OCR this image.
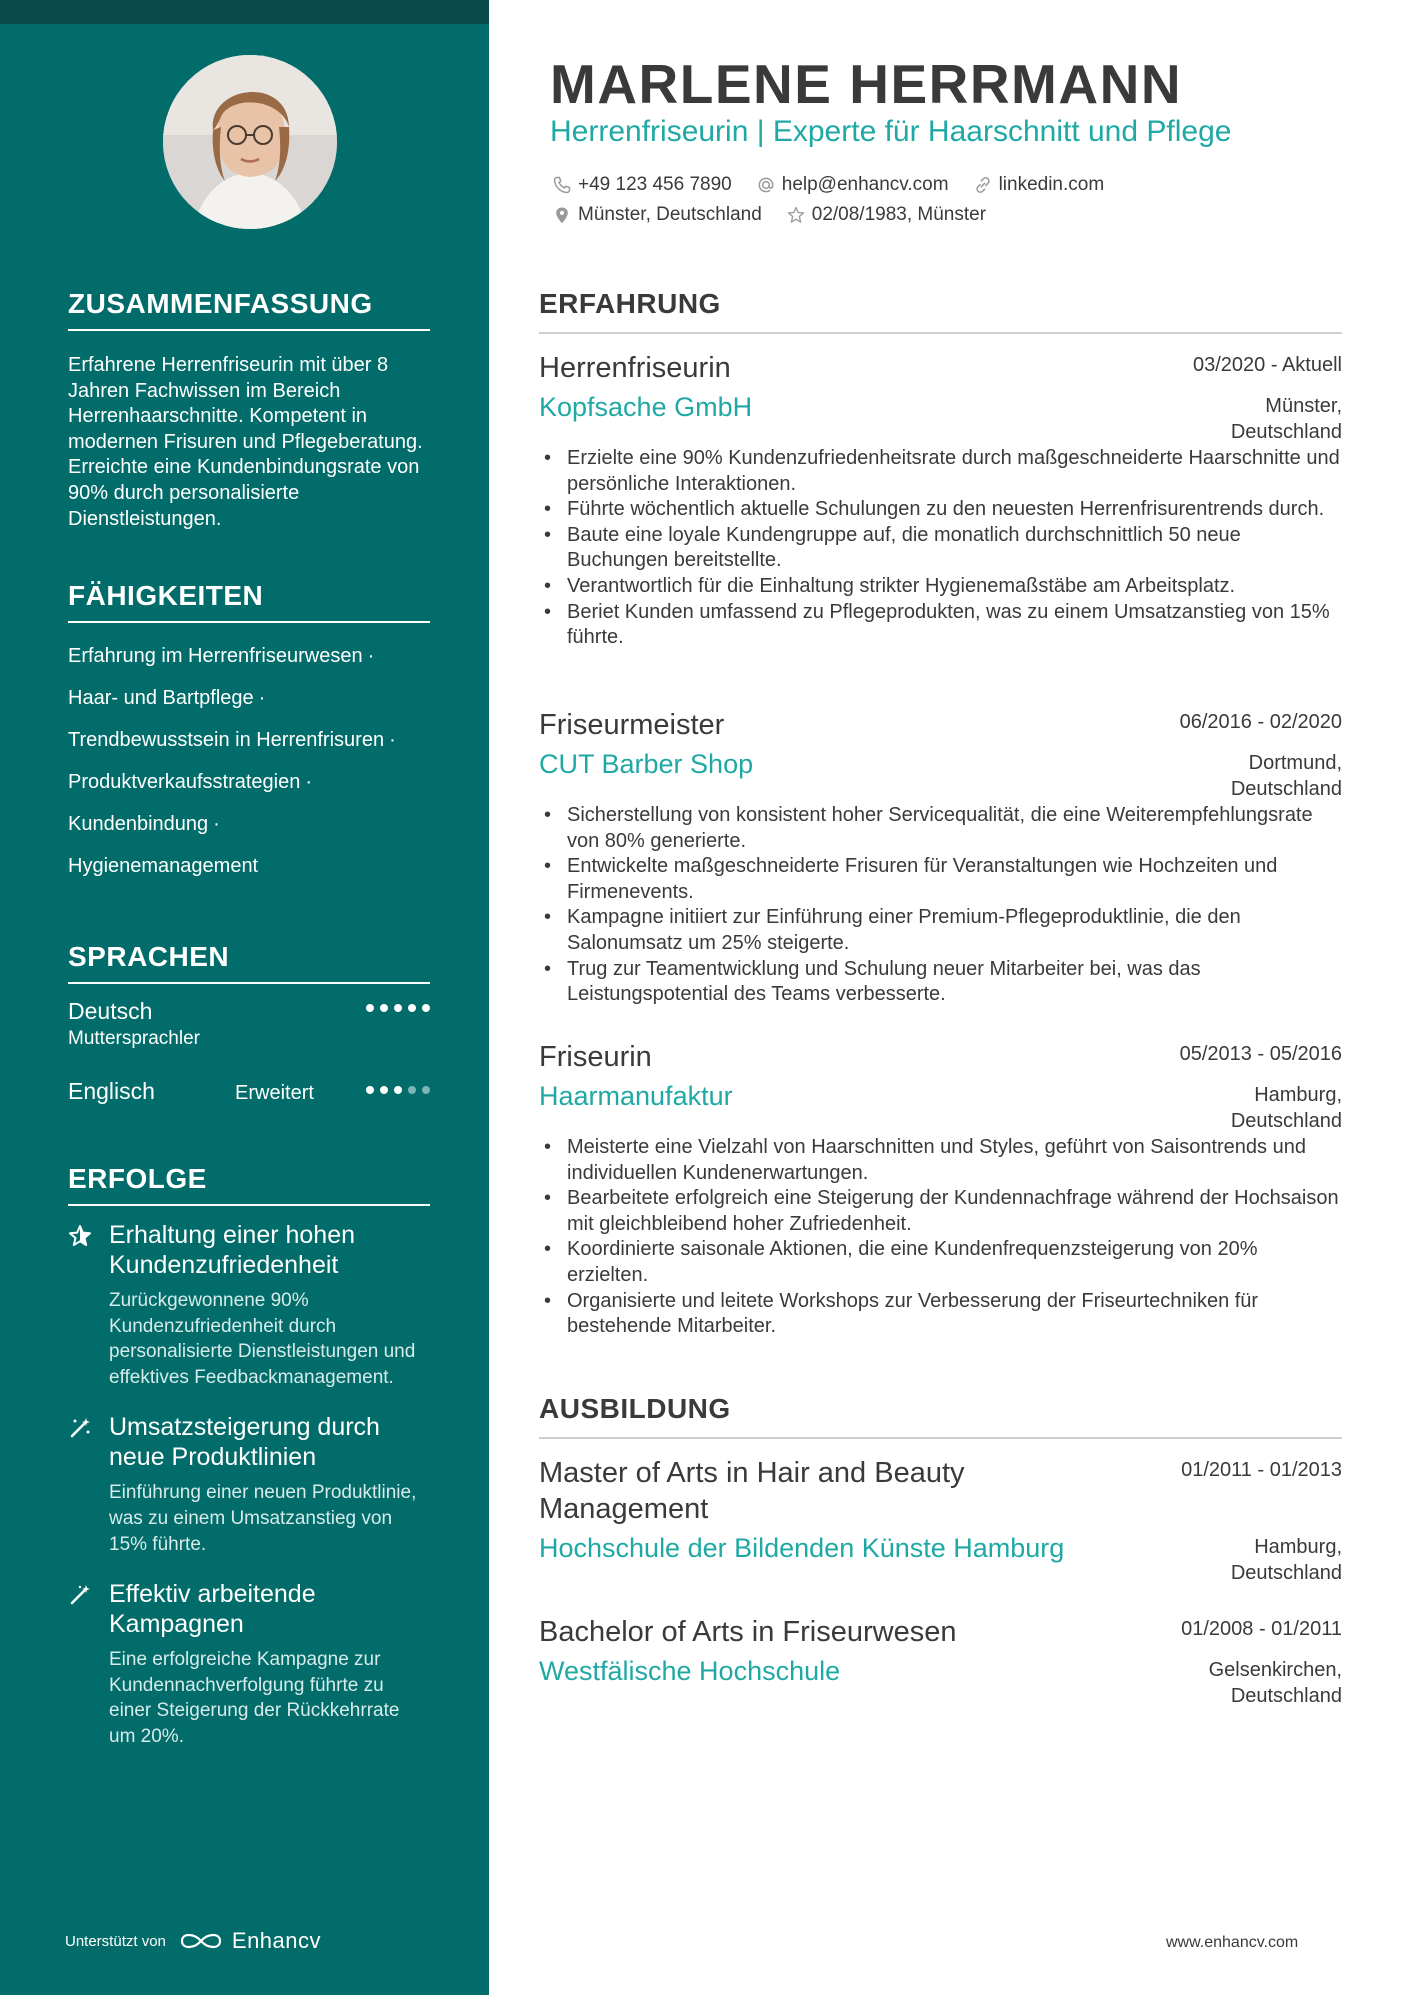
ZUSAMMENFASSUNG

Erfahrene Herrenfriseurin mit über 8 Jahren Fachwissen im Bereich Herrenhaarschnitte. Kompetent in modernen Frisuren und Pflegeberatung. Erreichte eine Kundenbindungsrate von 90% durch personalisierte Dienstleistungen.

FÄHIGKEITEN
Erfahrung im Herrenfriseurwesen ·
Haar- und Bartpflege ·
Trendbewusstsein in Herrenfrisuren ·
Produktverkaufsstrategien ·
Kundenbindung ·
Hygienemanagement
SPRACHEN
Deutsch
Muttersprachler
Englisch	Erweitert
ERFOLGE
Erhaltung einer hohen Kundenzufriedenheit
Zurückgewonnene 90% Kundenzufriedenheit durch personalisierte Dienstleistungen und effektives Feedbackmanagement.
Umsatzsteigerung durch neue Produktlinien
Einführung einer neuen Produktlinie, was zu einem Umsatzanstieg von 15% führte.
Effektiv arbeitende Kampagnen
Eine erfolgreiche Kampagne zur Kundennachverfolgung führte zu einer Steigerung der Rückkehrrate um 20%.
Unterstützt von	Enhancv
MARLENE HERRMANN
Herrenfriseurin | Experte für Haarschnitt und Pflege
+49 123 456 7890	help@enhancv.com	linkedin.com
Münster, Deutschland	02/08/1983, Münster
ERFAHRUNG
Herrenfriseurin	03/2020 - Aktuell
Kopfsache GmbH	Münster,
Deutschland
• Erzielte eine 90% Kundenzufriedenheitsrate durch maßgeschneiderte Haarschnitte und persönliche Interaktionen.
• Führte wöchentlich aktuelle Schulungen zu den neuesten Herrenfrisurentrends durch.
• Baute eine loyale Kundengruppe auf, die monatlich durchschnittlich 50 neue Buchungen bereitstellte.
• Verantwortlich für die Einhaltung strikter Hygienemaßstäbe am Arbeitsplatz.
• Beriet Kunden umfassend zu Pflegeprodukten, was zu einem Umsatzanstieg von 15% führte.
Friseurmeister	06/2016 - 02/2020
CUT Barber Shop	Dortmund,
Deutschland
• Sicherstellung von konsistent hoher Servicequalität, die eine Weiterempfehlungsrate von 80% generierte.
• Entwickelte maßgeschneiderte Frisuren für Veranstaltungen wie Hochzeiten und Firmenevents.
• Kampagne initiiert zur Einführung einer Premium-Pflegeproduktlinie, die den Salonumsatz um 25% steigerte.
• Trug zur Teamentwicklung und Schulung neuer Mitarbeiter bei, was das Leistungspotential des Teams verbesserte.
Friseurin	05/2013 - 05/2016
Haarmanufaktur	Hamburg,
Deutschland
• Meisterte eine Vielzahl von Haarschnitten und Styles, geführt von Saisontrends und individuellen Kundenerwartungen.
• Bearbeitete erfolgreich eine Steigerung der Kundennachfrage während der Hochsaison mit gleichbleibend hoher Zufriedenheit.
• Koordinierte saisonale Aktionen, die eine Kundenfrequenzsteigerung von 20% erzielten.
• Organisierte und leitete Workshops zur Verbesserung der Friseurtechniken für bestehende Mitarbeiter.
AUSBILDUNG
Master of Arts in Hair and Beauty Management
01/2011 - 01/2013
Hochschule der Bildenden Künste Hamburg	Hamburg,
Deutschland
Bachelor of Arts in Friseurwesen	01/2008 - 01/2011
Westfälische Hochschule	Gelsenkirchen,
Deutschland
www.enhancv.com
